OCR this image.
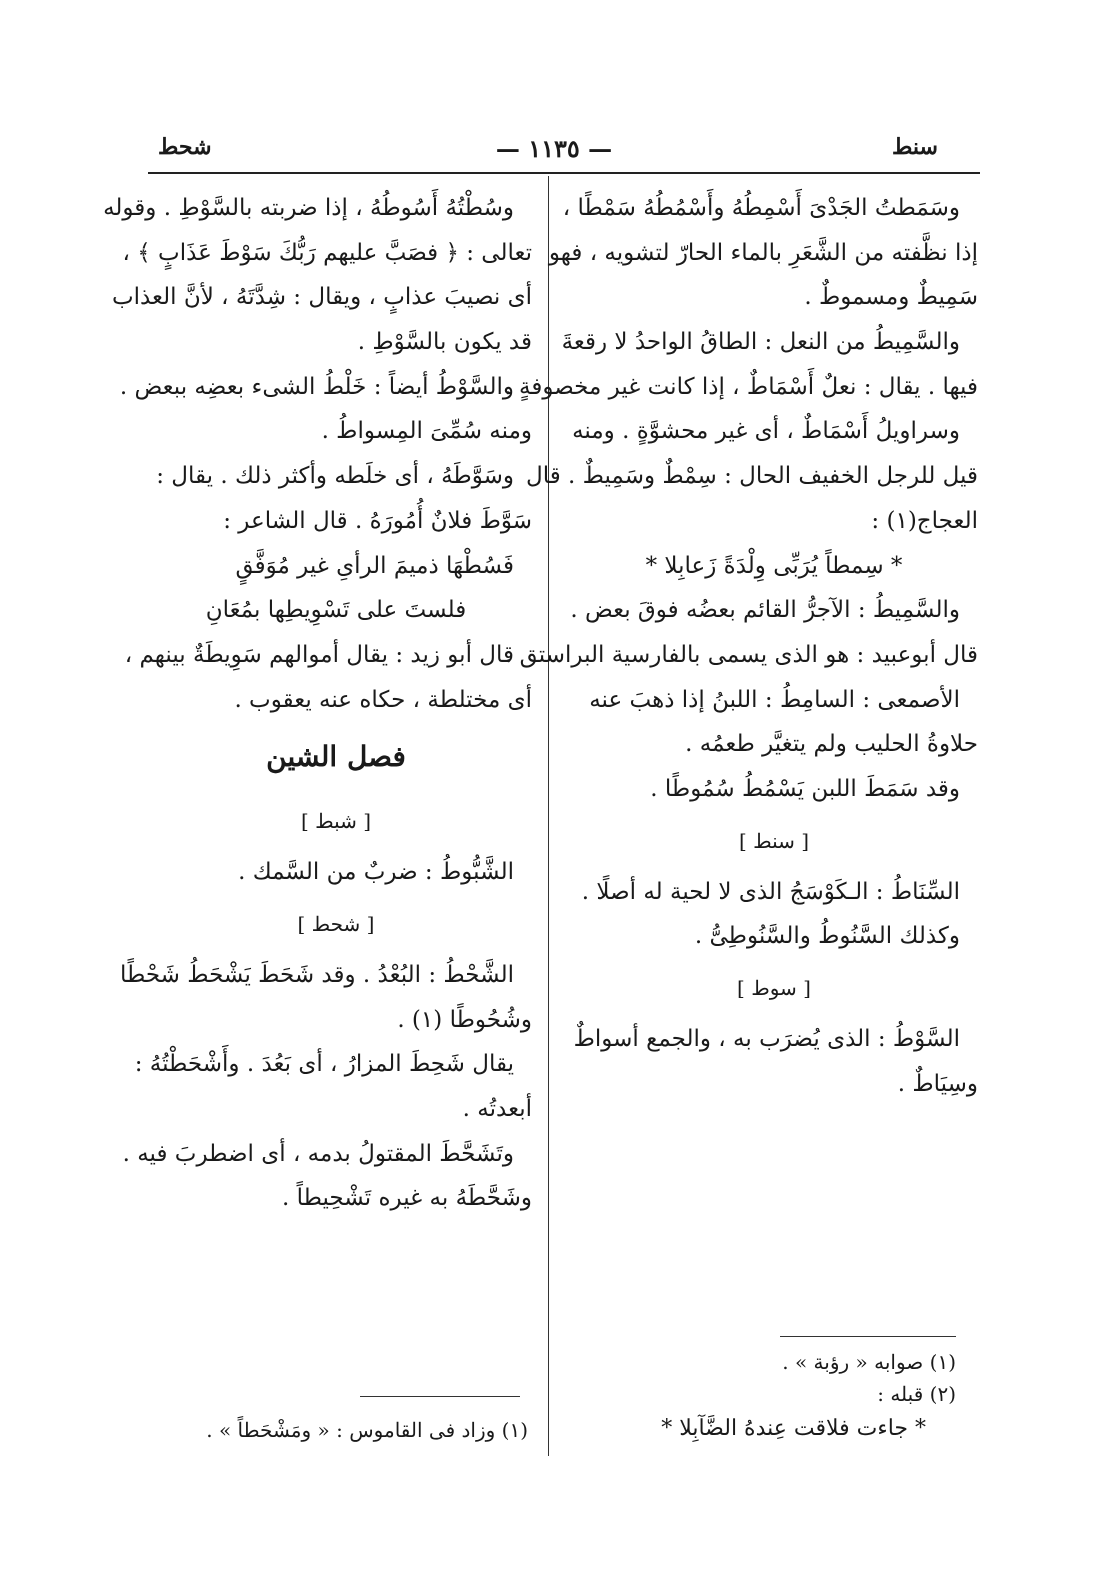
سنط
— ١١٣٥ —
شحط
وسَمَطتُ الجَدْىَ أَسْمِطُهُ وأَسْمُطُهُ سَمْطًا ،
إذا نظَّفته من الشَّعَرِ بالماء الحارّ لتشويه ، فهو
سَمِيطٌ ومسموطٌ .
والسَّمِيطُ من النعل : الطاقُ الواحدُ لا رقعةَ
فيها . يقال : نعلٌ أَسْمَاطٌ ، إذا كانت غير مخصوفةٍ .
وسراويلُ أَسْمَاطٌ ، أى غير محشوَّةٍ . ومنه
قيل للرجل الخفيف الحال : سِمْطٌ وسَمِيطٌ . قال
العجاج(١) :
* سِمطاً يُرَبِّى وِلْدَةً زَعابِلا *
والسَّمِيطُ : الآجرُّ القائم بعضُه فوقَ بعض .
قال أبوعبيد : هو الذى يسمى بالفارسية البراستق .
الأصمعى : السامِطُ : اللبنُ إذا ذهبَ عنه
حلاوةُ الحليب ولم يتغيَّر طعمُه .
وقد سَمَطَ اللبن يَسْمُطُ سُمُوطًا .
[ سنط ]
السِّنَاطُ : الـكَوْسَجُ الذى لا لحية له أصلًا .
وكذلك السَّنُوطُ والسَّنُوطِىُّ .
[ سوط ]
السَّوْطُ : الذى يُضرَب به ، والجمع أسواطٌ
وسِيَاطٌ .
وسُطْتُهُ أَسُوطُهُ ، إذا ضربته بالسَّوْطِ . وقوله
تعالى : ﴿ فصَبَّ عليهم رَبُّكَ سَوْطَ عَذَابٍ ﴾ ،
أى نصيبَ عذابٍ ، ويقال : شِدَّتَهُ ، لأنَّ العذاب
قد يكون بالسَّوْطِ .
والسَّوْطُ أيضاً : خَلْطُ الشىء بعضِه ببعض .
ومنه سُمِّىَ المِسواطُ .
وسَوَّطَهُ ، أى خلَطه وأكثر ذلك . يقال :
سَوَّطَ فلانٌ أُمُورَهُ . قال الشاعر :
فَسُطْهَا ذميمَ الرأىِ غير مُوَفَّقٍ
فلستَ على تَسْوِيطِها بمُعَانِ
قال أبو زيد : يقال أموالهم سَوِيطَةٌ بينهم ،
أى مختلطة ، حكاه عنه يعقوب .
فصل الشين
[ شبط ]
الشَّبُّوطُ : ضربٌ من السَّمك .
[ شحط ]
الشَّحْطُ : البُعْدُ . وقد شَحَطَ يَشْحَطُ شَحْطًا
وشُحُوطًا (١) .
يقال شَحِطَ المزارُ ، أى بَعُدَ . وأَشْحَطْتُهُ :
أبعدتُه .
وتَشَحَّطَ المقتولُ بدمه ، أى اضطربَ فيه .
وشَحَّطَهُ به غيره تَشْحِيطاً .
(١) صوابه « رؤبة » .
(٢) قبله :
* جاءت فلاقت عِندهُ الضَّآبِلا *
(١) وزاد فى القاموس : « ومَشْحَطاً » .
